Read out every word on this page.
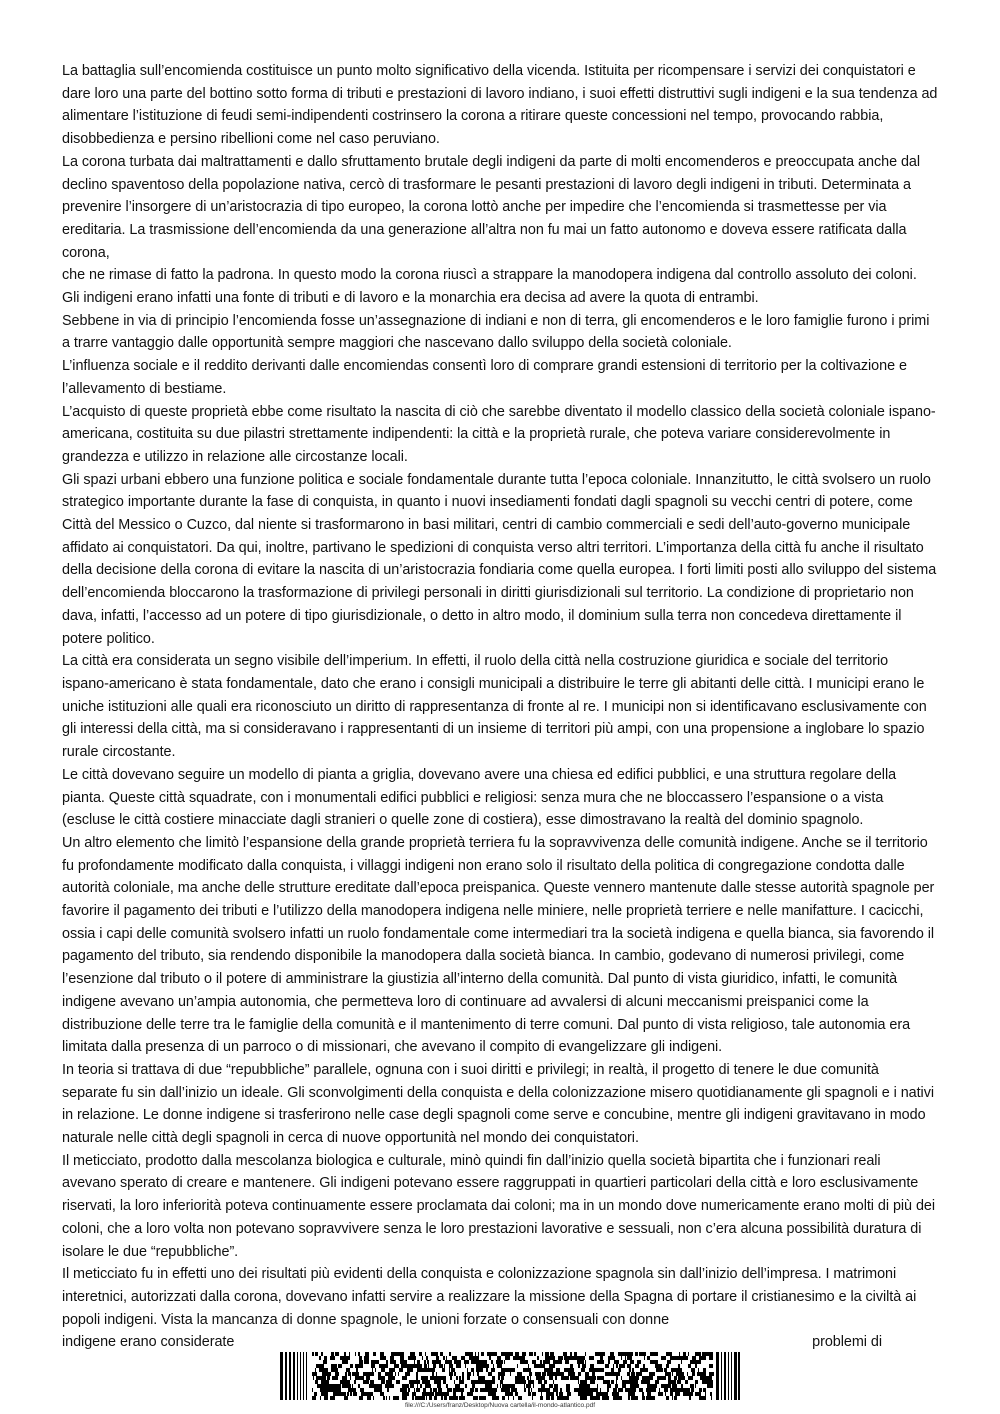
La battaglia sull’encomienda costituisce un punto molto significativo della vicenda. Istituita per ricompensare i servizi dei conquistatori e dare loro una parte del bottino sotto forma di tributi e prestazioni di lavoro indiano, i suoi effetti distruttivi sugli indigeni e la sua tendenza ad alimentare l’istituzione di feudi semi-indipendenti costrinsero la corona a ritirare queste concessioni nel tempo, provocando rabbia, disobbedienza e persino ribellioni come nel caso peruviano.

La corona turbata dai maltrattamenti e dallo sfruttamento brutale degli indigeni da parte di molti encomenderos e preoccupata anche dal declino spaventoso della popolazione nativa, cercò di trasformare le pesanti prestazioni di lavoro degli indigeni in tributi. Determinata a prevenire l’insorgere di un’aristocrazia di tipo europeo, la corona lottò anche per impedire che l’encomienda si trasmettesse per via ereditaria. La trasmissione dell’encomienda da una generazione all’altra non fu mai un fatto autonomo e doveva essere ratificata dalla corona,

che ne rimase di fatto la padrona. In questo modo la corona riuscì a strappare la manodopera indigena dal controllo assoluto dei coloni. Gli indigeni erano infatti una fonte di tributi e di lavoro e la monarchia era decisa ad avere la quota di entrambi.

Sebbene in via di principio l’encomienda fosse un’assegnazione di indiani e non di terra, gli encomenderos e le loro famiglie furono i primi a trarre vantaggio dalle opportunità sempre maggiori che nascevano dallo sviluppo della società coloniale.

L’influenza sociale e il reddito derivanti dalle encomiendas consentì loro di comprare grandi estensioni di territorio per la coltivazione e l’allevamento di bestiame.

L’acquisto di queste proprietà ebbe come risultato la nascita di ciò che sarebbe diventato il modello classico della società coloniale ispano-americana, costituita su due pilastri strettamente indipendenti: la città e la proprietà rurale, che poteva variare considerevolmente in grandezza e utilizzo in relazione alle circostanze locali.

Gli spazi urbani ebbero una funzione politica e sociale fondamentale durante tutta l’epoca coloniale. Innanzitutto, le città svolsero un ruolo strategico importante durante la fase di conquista, in quanto i nuovi insediamenti fondati dagli spagnoli su vecchi centri di potere, come Città del Messico o Cuzco, dal niente si trasformarono in basi militari, centri di cambio commerciali e sedi dell’auto-governo municipale affidato ai conquistatori. Da qui, inoltre, partivano le spedizioni di conquista verso altri territori. L’importanza della città fu anche il risultato della decisione della corona di evitare la nascita di un’aristocrazia fondiaria come quella europea. I forti limiti posti allo sviluppo del sistema dell’encomienda bloccarono la trasformazione di privilegi personali in diritti giurisdizionali sul territorio. La condizione di proprietario non dava, infatti, l’accesso ad un potere di tipo giurisdizionale, o detto in altro modo, il dominium sulla terra non concedeva direttamente il potere politico.

La città era considerata un segno visibile dell’imperium. In effetti, il ruolo della città nella costruzione giuridica e sociale del territorio ispano-americano è stata fondamentale, dato che erano i consigli municipali a distribuire le terre gli abitanti delle città. I municipi erano le uniche istituzioni alle quali era riconosciuto un diritto di rappresentanza di fronte al re. I municipi non si identificavano esclusivamente con gli interessi della città, ma si consideravano i rappresentanti di un insieme di territori più ampi, con una propensione a inglobare lo spazio rurale circostante.

Le città dovevano seguire un modello di pianta a griglia, dovevano avere una chiesa ed edifici pubblici, e una struttura regolare della pianta. Queste città squadrate, con i monumentali edifici pubblici e religiosi: senza mura che ne bloccassero l’espansione o a vista (escluse le città costiere minacciate dagli stranieri o quelle zone di costiera), esse dimostravano la realtà del dominio spagnolo.

Un altro elemento che limitò l’espansione della grande proprietà terriera fu la sopravvivenza delle comunità indigene. Anche se il territorio fu profondamente modificato dalla conquista, i villaggi indigeni non erano solo il risultato della politica di congregazione condotta dalle autorità coloniale, ma anche delle strutture ereditate dall’epoca preispanica. Queste vennero mantenute dalle stesse autorità spagnole per favorire il pagamento dei tributi e l’utilizzo della manodopera indigena nelle miniere, nelle proprietà terriere e nelle manifatture. I cacicchi, ossia i capi delle comunità svolsero infatti un ruolo fondamentale come intermediari tra la società indigena e quella bianca, sia favorendo il pagamento del tributo, sia rendendo disponibile la manodopera dalla società bianca. In cambio, godevano di numerosi privilegi, come l’esenzione dal tributo o il potere di amministrare la giustizia all’interno della comunità. Dal punto di vista giuridico, infatti, le comunità indigene avevano un’ampia autonomia, che permetteva loro di continuare ad avvalersi di alcuni meccanismi preispanici come la distribuzione delle terre tra le famiglie della comunità e il mantenimento di terre comuni. Dal punto di vista religioso, tale autonomia era limitata dalla presenza di un parroco o di missionari, che avevano il compito di evangelizzare gli indigeni.

In teoria si trattava di due “repubbliche” parallele, ognuna con i suoi diritti e privilegi; in realtà, il progetto di tenere le due comunità separate fu sin dall’inizio un ideale. Gli sconvolgimenti della conquista e della colonizzazione misero quotidianamente gli spagnoli e i nativi in relazione. Le donne indigene si trasferirono nelle case degli spagnoli come serve e concubine, mentre gli indigeni gravitavano in modo naturale nelle città degli spagnoli in cerca di nuove opportunità nel mondo dei conquistatori.

Il meticciato, prodotto dalla mescolanza biologica e culturale, minò quindi fin dall’inizio quella società bipartita che i funzionari reali avevano sperato di creare e mantenere. Gli indigeni potevano essere raggruppati in quartieri particolari della città e loro esclusivamente riservati, la loro inferiorità poteva continuamente essere proclamata dai coloni; ma in un mondo dove numericamente erano molti di più dei coloni, che a loro volta non potevano sopravvivere senza le loro prestazioni lavorative e sessuali, non c’era alcuna possibilità duratura di isolare le due “repubbliche”.

Il meticciato fu in effetti uno dei risultati più evidenti della conquista e colonizzazione spagnola sin dall’inizio dell’impresa. I matrimoni interetnici, autorizzati dalla corona, dovevano infatti servire a realizzare la missione della Spagna di portare il cristianesimo e la civiltà ai popoli indigeni. Vista la mancanza di donne spagnole, le unioni forzate o consensuali con donne

indigene erano considerate	problemi di
file:///C:/Users/franz/Desktop/Nuova cartella/il-mondo-atlantico.pdf
